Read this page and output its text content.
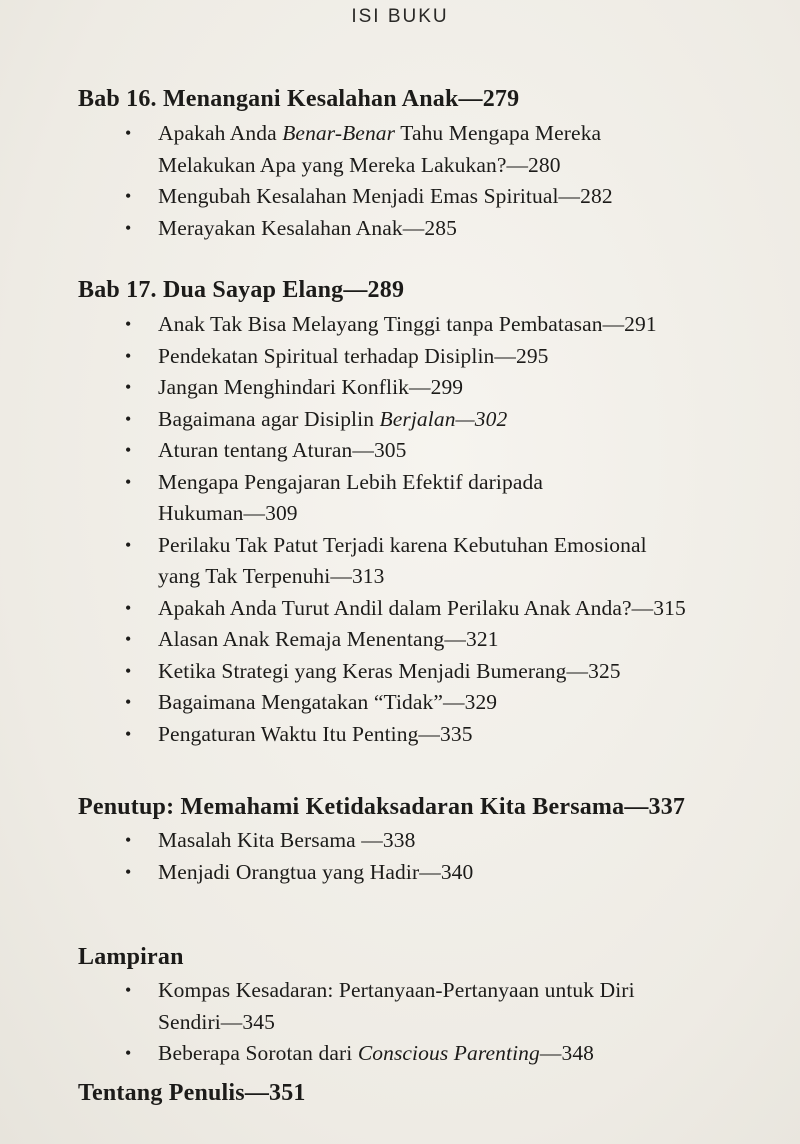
ISI BUKU
Bab 16. Menangani Kesalahan Anak—279
• Apakah Anda Benar-Benar Tahu Mengapa Mereka
Melakukan Apa yang Mereka Lakukan?—280
• Mengubah Kesalahan Menjadi Emas Spiritual—282
• Merayakan Kesalahan Anak—285
Bab 17. Dua Sayap Elang—289
• Anak Tak Bisa Melayang Tinggi tanpa Pembatasan—291
• Pendekatan Spiritual terhadap Disiplin—295
• Jangan Menghindari Konflik—299
• Bagaimana agar Disiplin Berjalan—302
• Aturan tentang Aturan—305
• Mengapa Pengajaran Lebih Efektif daripada
Hukuman—309
• Perilaku Tak Patut Terjadi karena Kebutuhan Emosional
yang Tak Terpenuhi—313
• Apakah Anda Turut Andil dalam Perilaku Anak Anda?—315
• Alasan Anak Remaja Menentang—321
• Ketika Strategi yang Keras Menjadi Bumerang—325
• Bagaimana Mengatakan “Tidak”—329
• Pengaturan Waktu Itu Penting—335
Penutup: Memahami Ketidaksadaran Kita Bersama—337
• Masalah Kita Bersama —338
• Menjadi Orangtua yang Hadir—340
Lampiran
• Kompas Kesadaran: Pertanyaan-Pertanyaan untuk Diri
Sendiri—345
• Beberapa Sorotan dari Conscious Parenting—348
Tentang Penulis—351
